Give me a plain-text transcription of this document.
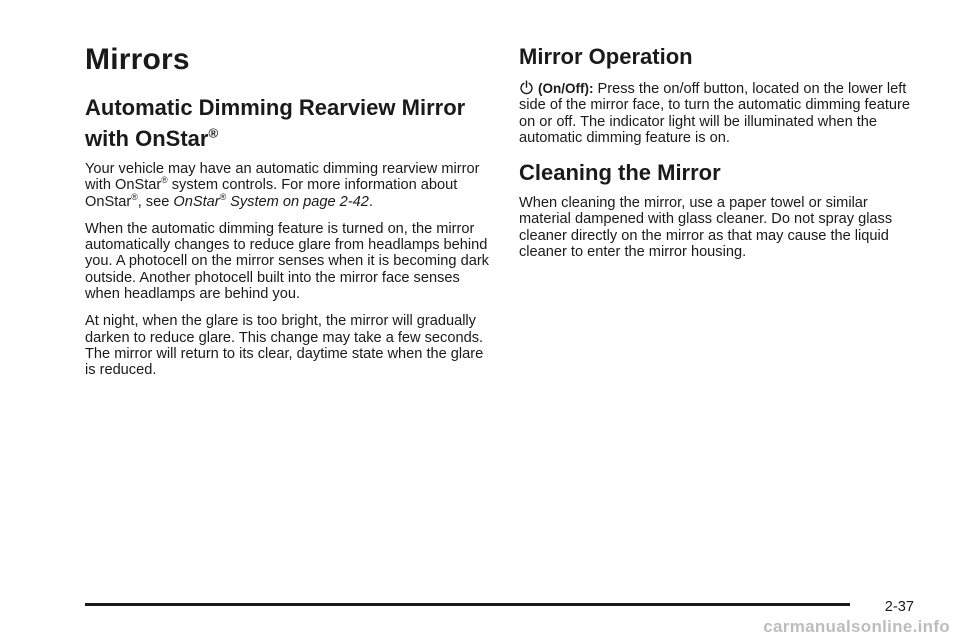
Mirrors
Automatic Dimming Rearview Mirror with OnStar®

Your vehicle may have an automatic dimming rearview mirror with OnStar® system controls. For more information about OnStar®, see OnStar® System on page 2-42.

When the automatic dimming feature is turned on, the mirror automatically changes to reduce glare from headlamps behind you. A photocell on the mirror senses when it is becoming dark outside. Another photocell built into the mirror face senses when headlamps are behind you.

At night, when the glare is too bright, the mirror will gradually darken to reduce glare. This change may take a few seconds. The mirror will return to its clear, daytime state when the glare is reduced.

Mirror Operation

(On/Off): Press the on/off button, located on the lower left side of the mirror face, to turn the automatic dimming feature on or off. The indicator light will be illuminated when the automatic dimming feature is on.

Cleaning the Mirror

When cleaning the mirror, use a paper towel or similar material dampened with glass cleaner. Do not spray glass cleaner directly on the mirror as that may cause the liquid cleaner to enter the mirror housing.

2-37
carmanualsonline.info
